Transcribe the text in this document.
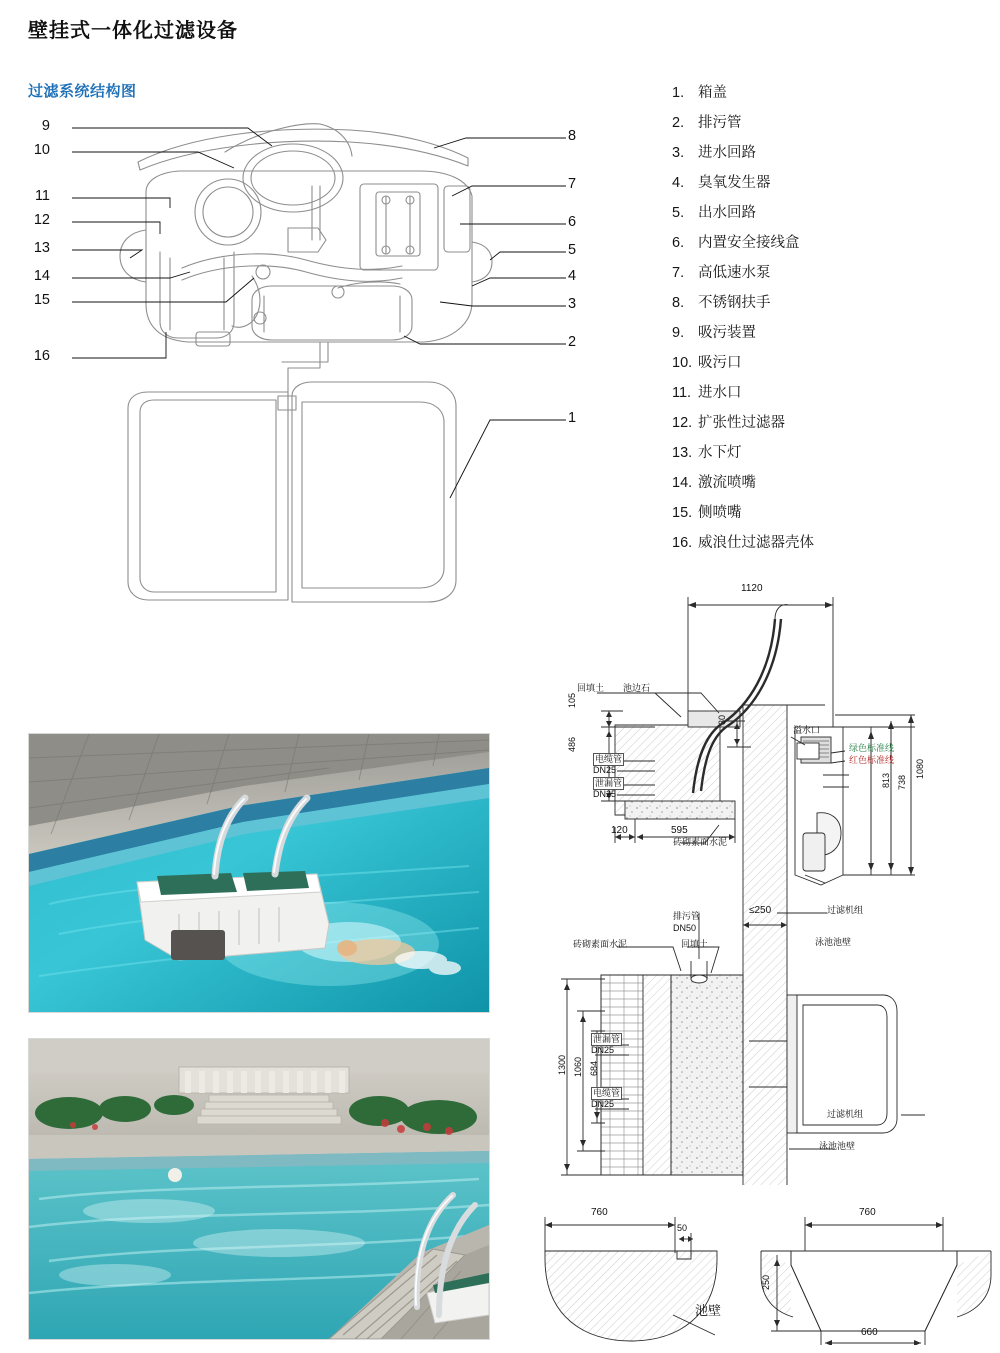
壁挂式一体化过滤设备
过滤系统结构图
9
10
11
12
13
14
15
16
8
7
6
5
4
3
2
1
1. 箱盖
2. 排污管
3. 进水回路
4. 臭氧发生器
5. 出水回路
6. 内置安全接线盒
7. 高低速水泵
8. 不锈钢扶手
9. 吸污装置
10. 吸污口
11. 进水口
12. 扩张性过滤器
13. 水下灯
14. 激流喷嘴
15. 侧喷嘴
16. 威浪仕过滤器壳体
1120
105
486
30
120	595
回填土 池边石
电缆管
DN25
泄漏管
DN25
砖砌素面水泥
溢水口
绿色标准线
红色标准线
738
813
1080
过滤机组
泳池池壁
≤250
排污管
DN50
砖砌素面水泥	回填土
1300 1060 684
泄漏管
DN25
电缆管
DN25
过滤机组
泳池池壁
760
50
760
250
660
池壁
